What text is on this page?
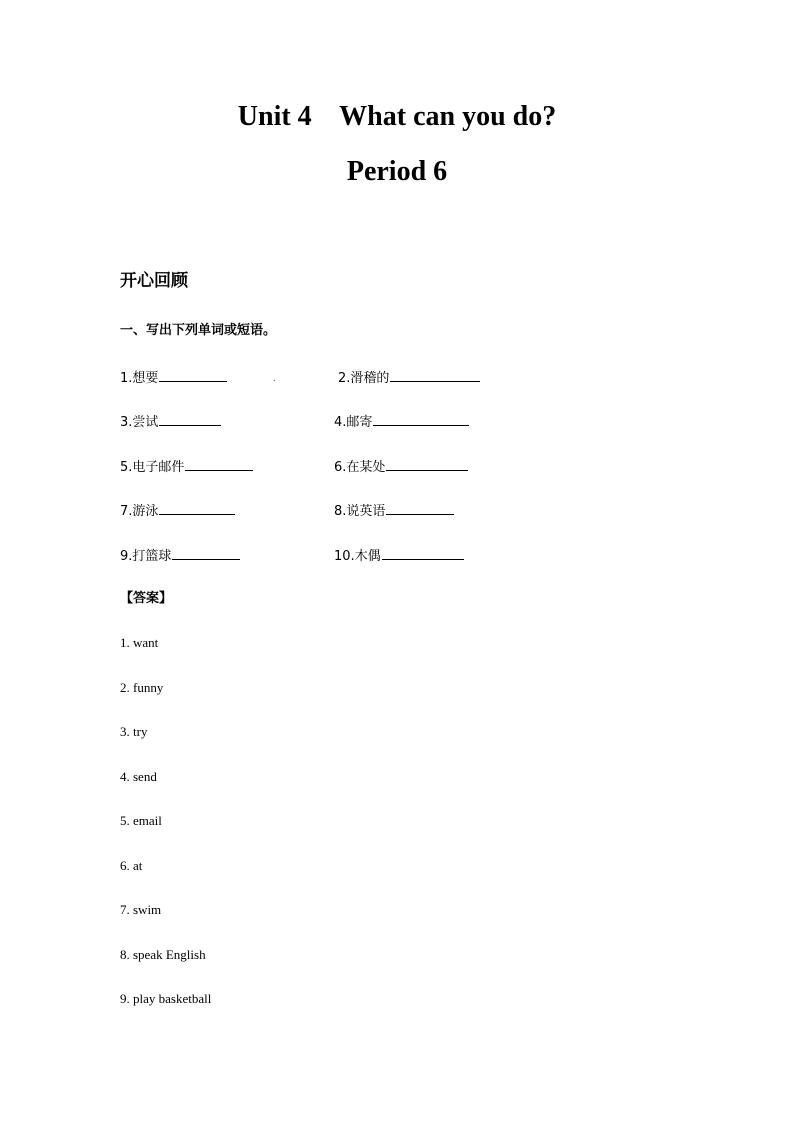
Unit 4    What can you do?
Period 6
开心回顾
一、写出下列单词或短语。
1.想要	.	2.滑稽的
3.尝试	4.邮寄
5.电子邮件	6.在某处
7.游泳	8.说英语
9.打篮球	10.木偶
【答案】
1. want
2. funny
3. try
4. send
5. email
6. at
7. swim
8. speak English
9. play basketball
